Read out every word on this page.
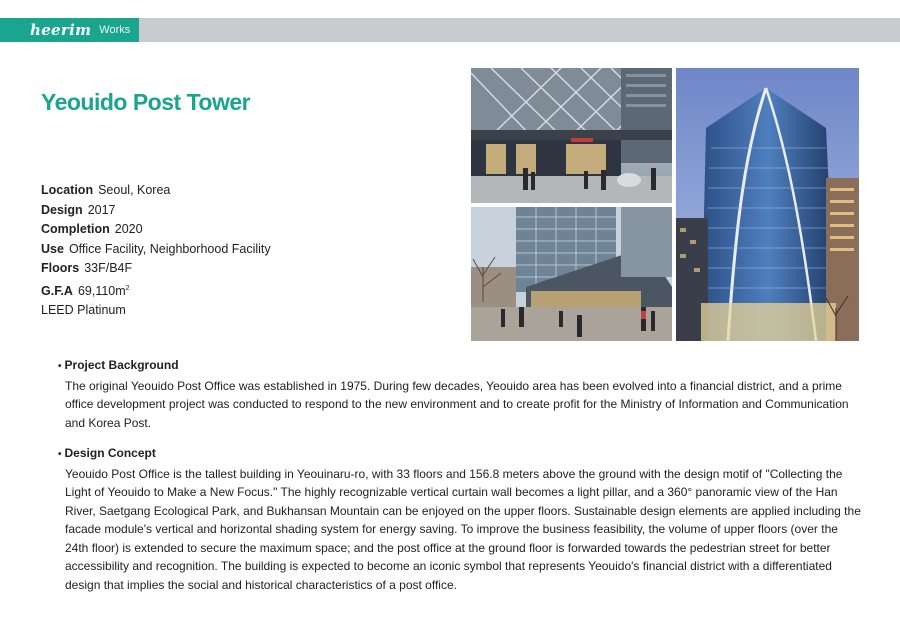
heerim Works
Yeouido Post Tower
Location Seoul, Korea
Design 2017
Completion 2020
Use Office Facility, Neighborhood Facility
Floors 33F/B4F
G.F.A $69,110m^2$
LEED Platinum

• Project Background

The original Yeouido Post Office was established in 1975. During few decades, Yeouido area has been evolved into a financial district, and a prime office development project was conducted to respond to the new environment and to create profit for the Ministry of Information and Communication and Korea Post.

• Design Concept

Yeouido Post Office is the tallest building in Yeouinaru-ro, with 33 floors and 156.8 meters above the ground with the design motif of "Collecting the Light of Yeouido to Make a New Focus." The highly recognizable vertical curtain wall becomes a light pillar, and a 360° panoramic view of the Han River, Saetgang Ecological Park, and Bukhansan Mountain can be enjoyed on the upper floors. Sustainable design elements are applied including the facade module's vertical and horizontal shading system for energy saving. To improve the business feasibility, the volume of upper floors (over the 24th floor) is extended to secure the maximum space; and the post office at the ground floor is forwarded towards the pedestrian street for better accessibility and recognition. The building is expected to become an iconic symbol that represents Yeouido's financial district with a differentiated design that implies the social and historical characteristics of a post office.
